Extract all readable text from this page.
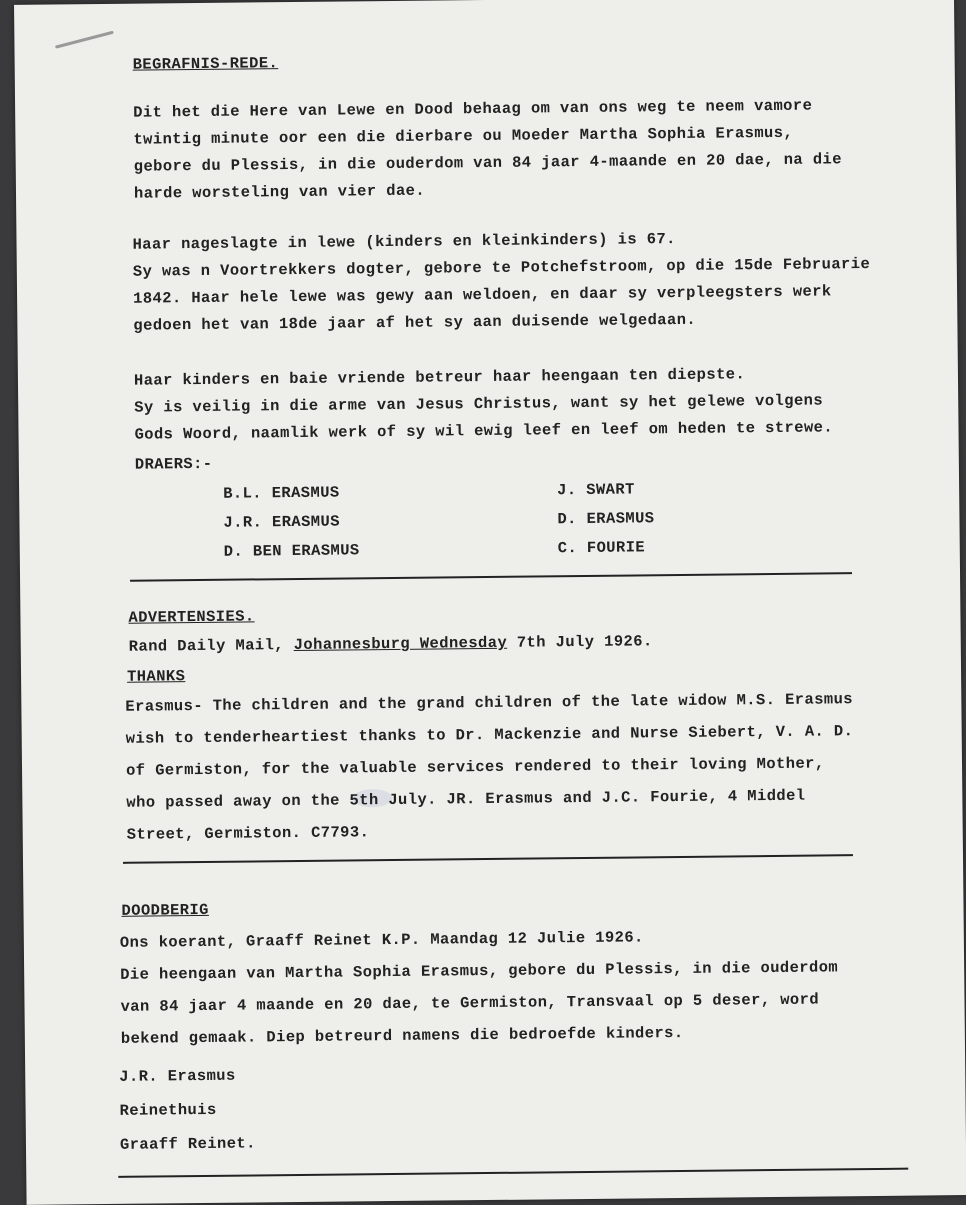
BEGRAFNIS-REDE.
Dit het die Here van Lewe en Dood behaag om van ons weg te neem vamore
twintig minute oor een die dierbare ou Moeder Martha Sophia Erasmus,
gebore du Plessis, in die ouderdom van 84 jaar 4-maande en 20 dae, na die
harde worsteling van vier dae.
Haar nageslagte in lewe (kinders en kleinkinders) is 67.
Sy was n Voortrekkers dogter, gebore te Potchefstroom, op die 15de Februarie
1842. Haar hele lewe was gewy aan weldoen, en daar sy verpleegsters werk
gedoen het van 18de jaar af het sy aan duisende welgedaan.
Haar kinders en baie vriende betreur haar heengaan ten diepste.
Sy is veilig in die arme van Jesus Christus, want sy het gelewe volgens
Gods Woord, naamlik werk of sy wil ewig leef en leef om heden te strewe.
DRAERS:-
B.L. ERASMUS
J.R. ERASMUS
D. BEN ERASMUS
J. SWART
D. ERASMUS
C. FOURIE
ADVERTENSIES.
Rand Daily Mail, Johannesburg Wednesday 7th July 1926.
THANKS
Erasmus- The children and the grand children of the late widow M.S. Erasmus
wish to tenderheartiest thanks to Dr. Mackenzie and Nurse Siebert, V. A. D.
of Germiston, for the valuable services rendered to their loving Mother,
who passed away on the 5th July. JR. Erasmus and J.C. Fourie, 4 Middel
Street, Germiston. C7793.
DOODBERIG
Ons koerant, Graaff Reinet K.P. Maandag 12 Julie 1926.
Die heengaan van Martha Sophia Erasmus, gebore du Plessis, in die ouderdom
van 84 jaar 4 maande en 20 dae, te Germiston, Transvaal op 5 deser, word
bekend gemaak. Diep betreurd namens die bedroefde kinders.
J.R. Erasmus
Reinethuis
Graaff Reinet.
